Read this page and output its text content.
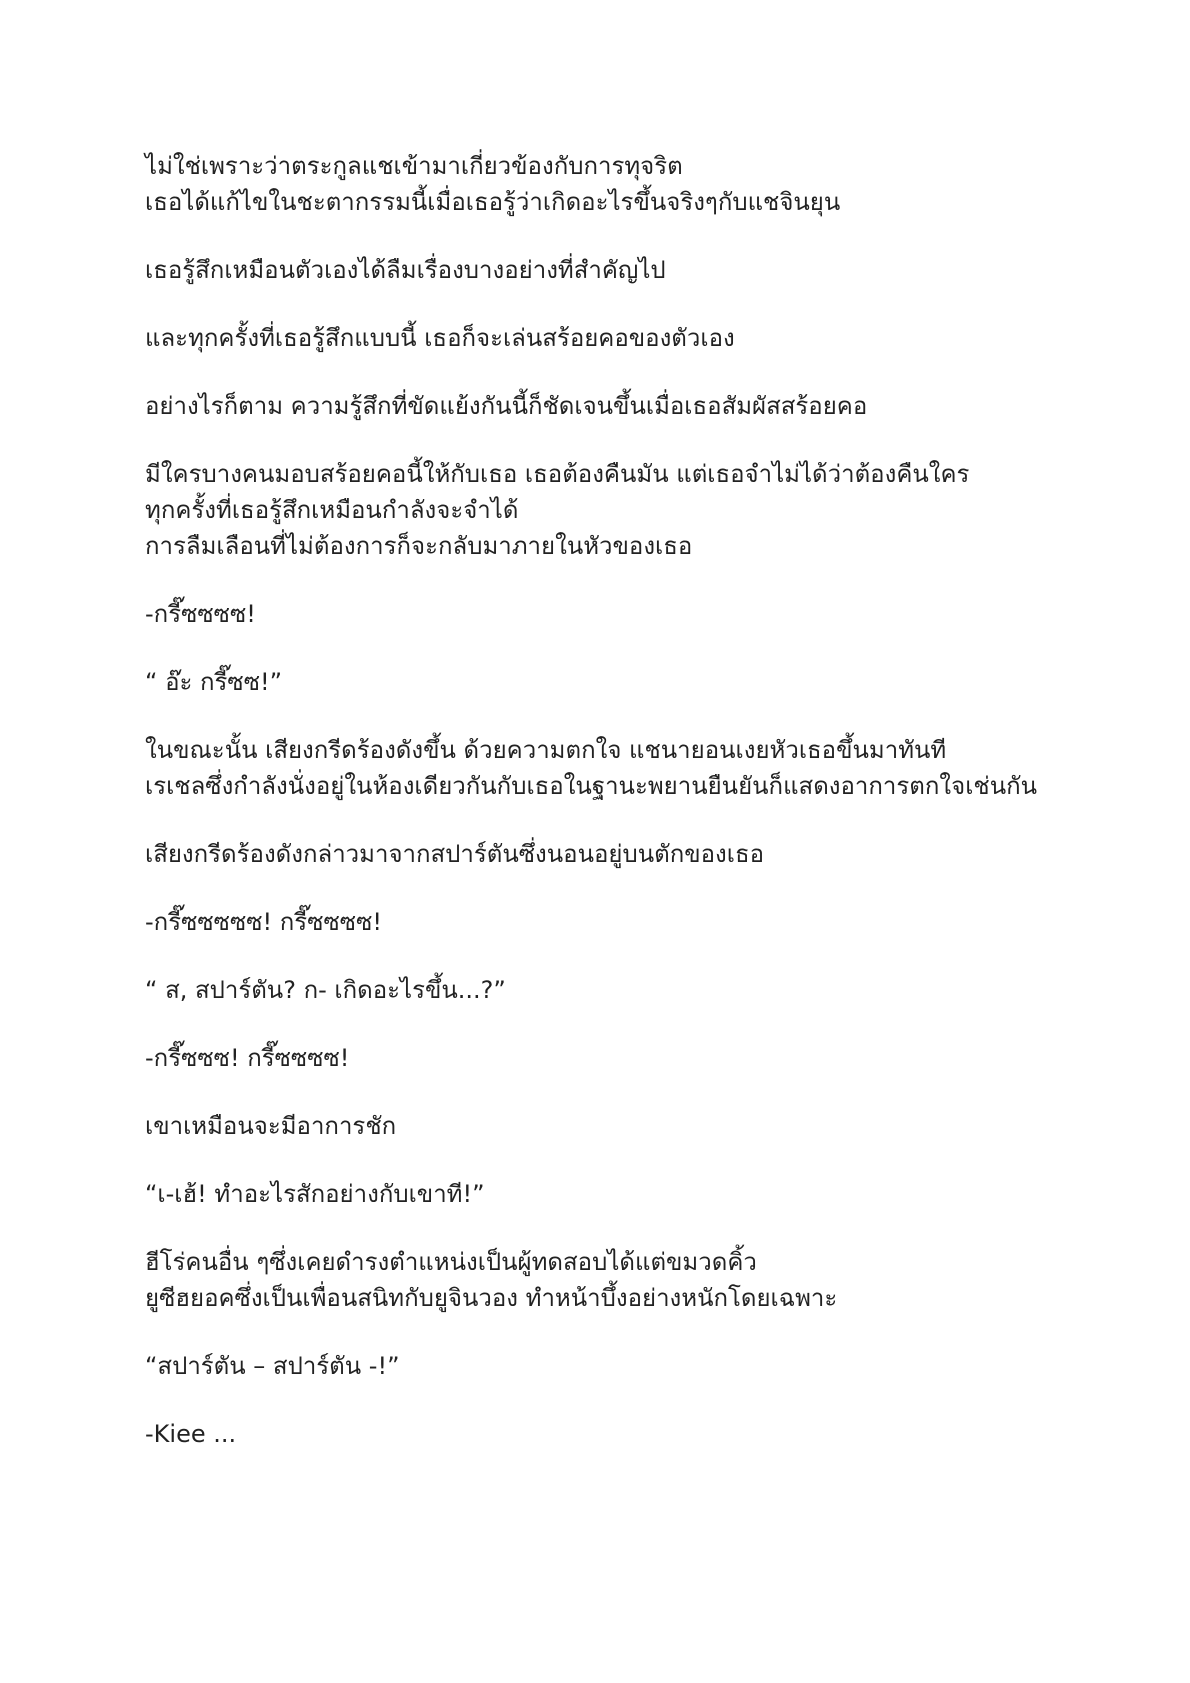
ไม่ใช่เพราะว่าตระกูลแชเข้ามาเกี่ยวข้องกับการทุจริต
เธอได้แก้ไขในชะตากรรมนี้เมื่อเธอรู้ว่าเกิดอะไรขึ้นจริงๆกับแชจินยุน
เธอรู้สึกเหมือนตัวเองได้ลืมเรื่องบางอย่างที่สำคัญไป
และทุกครั้งที่เธอรู้สึกแบบนี้ เธอก็จะเล่นสร้อยคอของตัวเอง
อย่างไรก็ตาม ความรู้สึกที่ขัดแย้งกันนี้ก็ชัดเจนขึ้นเมื่อเธอสัมผัสสร้อยคอ
มีใครบางคนมอบสร้อยคอนี้ให้กับเธอ เธอต้องคืนมัน แต่เธอจำไม่ได้ว่าต้องคืนใคร
ทุกครั้งที่เธอรู้สึกเหมือนกำลังจะจำได้
การลืมเลือนที่ไม่ต้องการก็จะกลับมาภายในหัวของเธอ
-กรี๊ซซซซ!
“ อ๊ะ กรี๊ซซ!”
ในขณะนั้น เสียงกรีดร้องดังขึ้น ด้วยความตกใจ แชนายอนเงยหัวเธอขึ้นมาทันที
เรเชลซึ่งกำลังนั่งอยู่ในห้องเดียวกันกับเธอในฐานะพยานยืนยันก็แสดงอาการตกใจเช่นกัน
เสียงกรีดร้องดังกล่าวมาจากสปาร์ตันซึ่งนอนอยู่บนตักของเธอ
-กรี๊ซซซซซ! กรี๊ซซซซ!
“ ส, สปาร์ตัน? ก- เกิดอะไรขึ้น...?”
-กรี๊ซซซ! กรี๊ซซซซ!
เขาเหมือนจะมีอาการชัก
“เ-เฮ้! ทำอะไรสักอย่างกับเขาที!”
ฮีโร่คนอื่น ๆซึ่งเคยดำรงตำแหน่งเป็นผู้ทดสอบได้แต่ขมวดคิ้ว
ยูซีฮยอคซึ่งเป็นเพื่อนสนิทกับยูจินวอง ทำหน้าบึ้งอย่างหนักโดยเฉพาะ
“สปาร์ตัน – สปาร์ตัน -!”
-Kiee ...
